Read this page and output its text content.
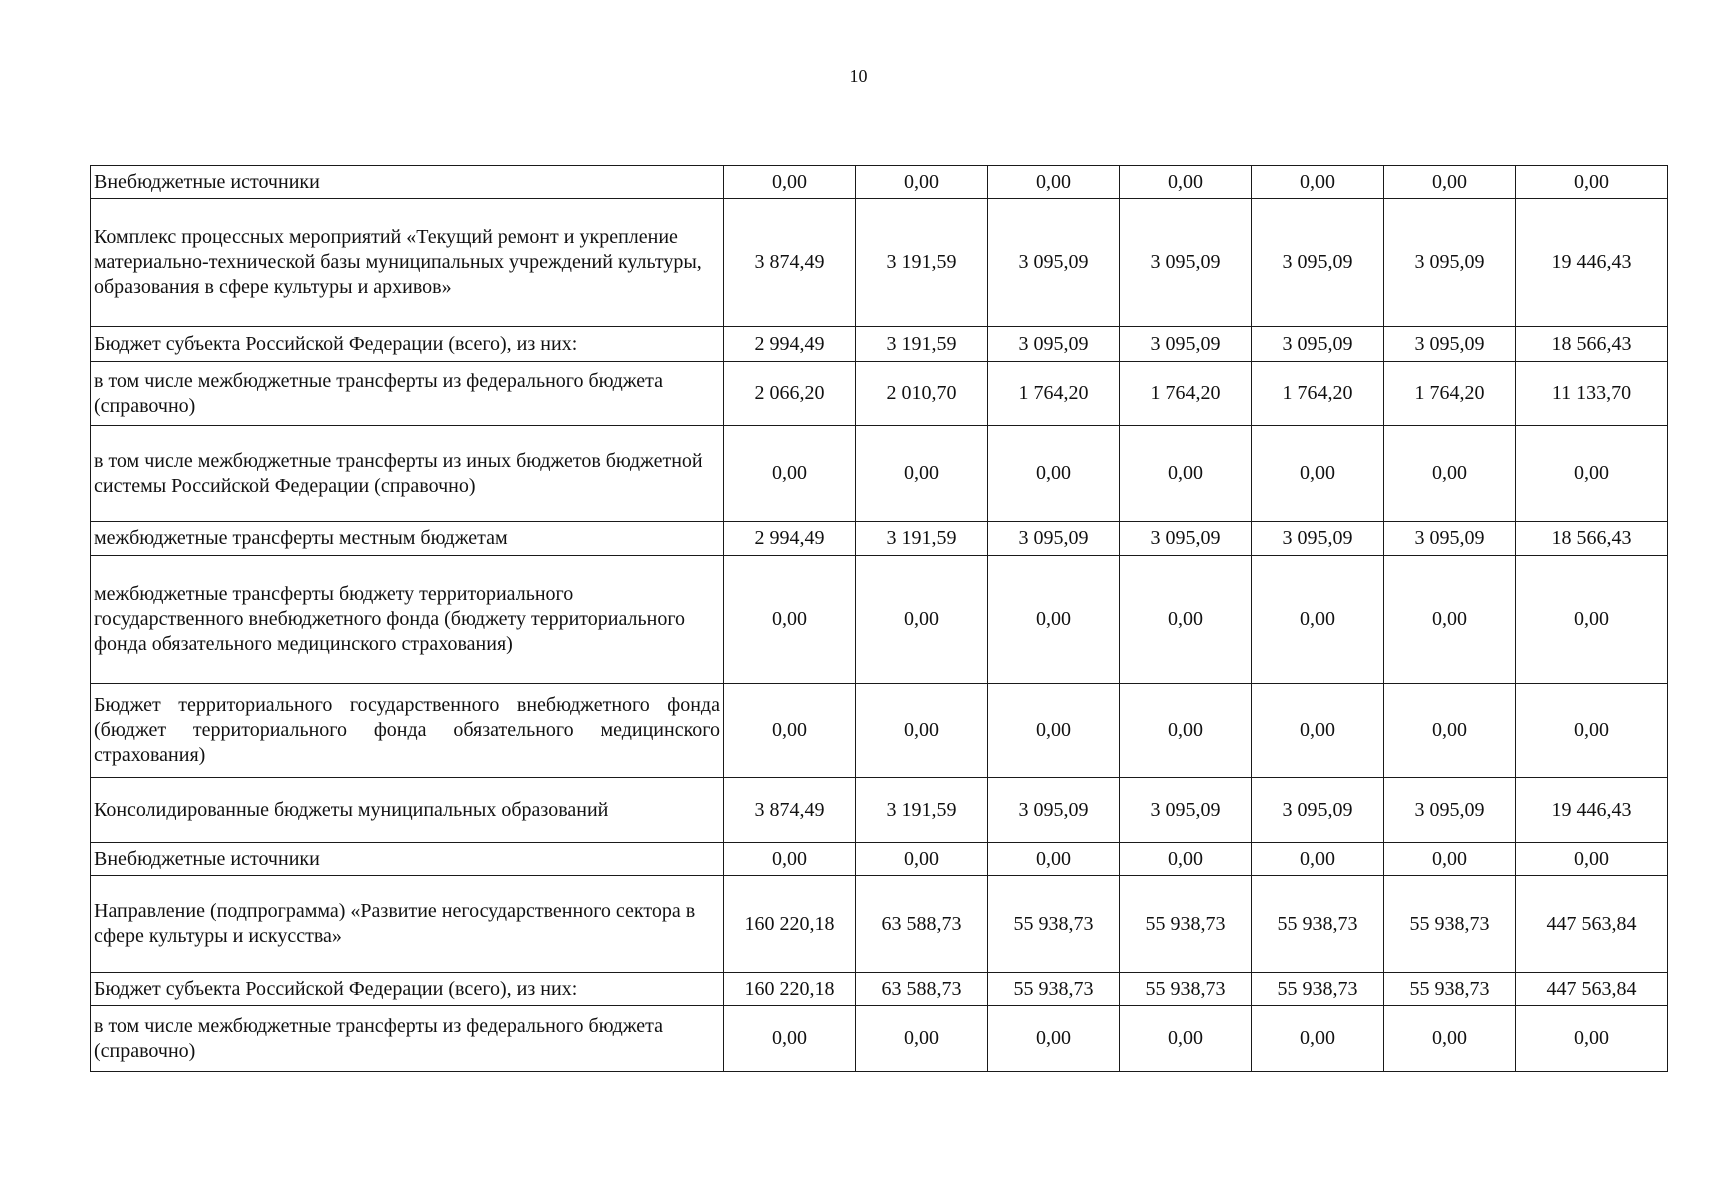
10
Внебюджетные источники	0,00	0,00	0,00	0,00	0,00	0,00	0,00
Комплекс процессных мероприятий «Текущий ремонт и укрепление материально-технической базы муниципальных учреждений культуры, образования в сфере культуры и архивов»	3 874,49	3 191,59	3 095,09	3 095,09	3 095,09	3 095,09	19 446,43
Бюджет субъекта Российской Федерации (всего), из них:	2 994,49	3 191,59	3 095,09	3 095,09	3 095,09	3 095,09	18 566,43
в том числе межбюджетные трансферты из федерального бюджета (справочно)	2 066,20	2 010,70	1 764,20	1 764,20	1 764,20	1 764,20	11 133,70
в том числе межбюджетные трансферты из иных бюджетов бюджетной системы Российской Федерации (справочно)	0,00	0,00	0,00	0,00	0,00	0,00	0,00
межбюджетные трансферты местным бюджетам	2 994,49	3 191,59	3 095,09	3 095,09	3 095,09	3 095,09	18 566,43
межбюджетные трансферты бюджету территориального государственного внебюджетного фонда (бюджету территориального фонда обязательного медицинского страхования)	0,00	0,00	0,00	0,00	0,00	0,00	0,00
Бюджет территориального государственного внебюджетного фонда (бюджет территориального фонда обязательного медицинского страхования)	0,00	0,00	0,00	0,00	0,00	0,00	0,00
Консолидированные бюджеты муниципальных образований	3 874,49	3 191,59	3 095,09	3 095,09	3 095,09	3 095,09	19 446,43
Внебюджетные источники	0,00	0,00	0,00	0,00	0,00	0,00	0,00
Направление (подпрограмма) «Развитие негосударственного сектора в сфере культуры и искусства»	160 220,18	63 588,73	55 938,73	55 938,73	55 938,73	55 938,73	447 563,84
Бюджет субъекта Российской Федерации (всего), из них:	160 220,18	63 588,73	55 938,73	55 938,73	55 938,73	55 938,73	447 563,84
в том числе межбюджетные трансферты из федерального бюджета (справочно)	0,00	0,00	0,00	0,00	0,00	0,00	0,00
